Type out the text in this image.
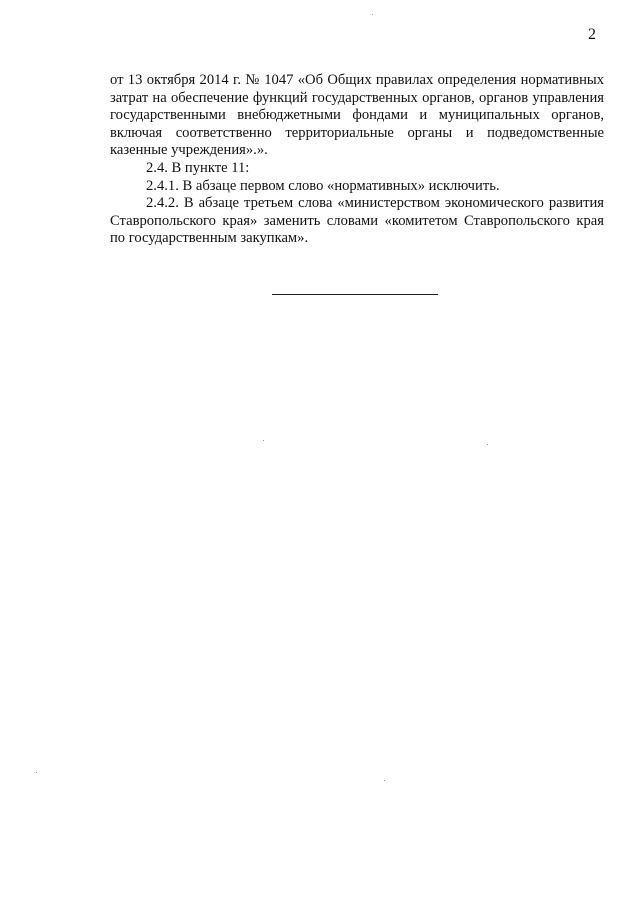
2

от 13 октября 2014 г. № 1047 «Об Общих правилах определения нормативных затрат на обеспечение функций государственных органов, органов управления государственными внебюджетными фондами и муниципальных органов, включая соответственно территориальные органы и подведомственные казенные учреждения».».

2.4. В пункте 11:

2.4.1. В абзаце первом слово «нормативных» исключить.

2.4.2. В абзаце третьем слова «министерством экономического развития Ставропольского края» заменить словами «комитетом Ставропольского края по государственным закупкам».
